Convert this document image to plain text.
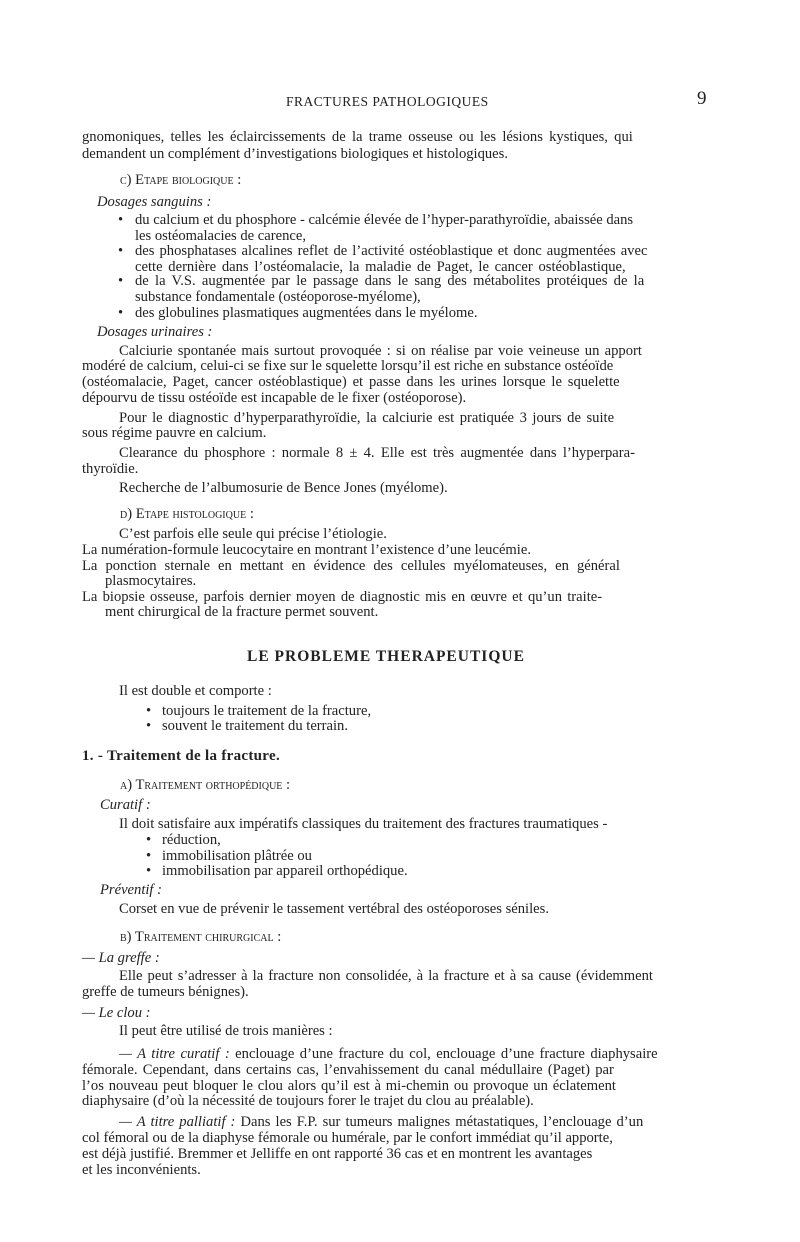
FRACTURES PATHOLOGIQUES	9
gnomoniques, telles les éclaircissements de la trame osseuse ou les lésions kystiques, qui
demandent un complément d’investigations biologiques et histologiques.
c) Etape biologique :
Dosages sanguins :
• du calcium et du phosphore - calcémie élevée de l’hyper-parathyroïdie, abaissée dans
les ostéomalacies de carence,
• des phosphatases alcalines reflet de l’activité ostéoblastique et donc augmentées avec
cette dernière dans l’ostéomalacie, la maladie de Paget, le cancer ostéoblastique,
• de la V.S. augmentée par le passage dans le sang des métabolites protéiques de la
substance fondamentale (ostéoporose-myélome),
• des globulines plasmatiques augmentées dans le myélome.
Dosages urinaires :
Calciurie spontanée mais surtout provoquée : si on réalise par voie veineuse un apport
modéré de calcium, celui-ci se fixe sur le squelette lorsqu’il est riche en substance ostéoïde
(ostéomalacie, Paget, cancer ostéoblastique) et passe dans les urines lorsque le squelette
dépourvu de tissu ostéoïde est incapable de le fixer (ostéoporose).
Pour le diagnostic d’hyperparathyroïdie, la calciurie est pratiquée 3 jours de suite
sous régime pauvre en calcium.
Clearance du phosphore : normale 8 ± 4. Elle est très augmentée dans l’hyperpara-
thyroïdie.
Recherche de l’albumosurie de Bence Jones (myélome).
d) Etape histologique :
C’est parfois elle seule qui précise l’étiologie.
La numération-formule leucocytaire en montrant l’existence d’une leucémie.
La ponction sternale en mettant en évidence des cellules myélomateuses, en général
plasmocytaires.
La biopsie osseuse, parfois dernier moyen de diagnostic mis en œuvre et qu’un traite-
ment chirurgical de la fracture permet souvent.
LE PROBLEME THERAPEUTIQUE
Il est double et comporte :
• toujours le traitement de la fracture,
• souvent le traitement du terrain.
1. - Traitement de la fracture.
a) Traitement orthopédique :
Curatif :
Il doit satisfaire aux impératifs classiques du traitement des fractures traumatiques -
• réduction,
• immobilisation plâtrée ou
• immobilisation par appareil orthopédique.
Préventif :
Corset en vue de prévenir le tassement vertébral des ostéoporoses séniles.
b) Traitement chirurgical :
— La greffe :
Elle peut s’adresser à la fracture non consolidée, à la fracture et à sa cause (évidemment
greffe de tumeurs bénignes).
— Le clou :
Il peut être utilisé de trois manières :
— A titre curatif : enclouage d’une fracture du col, enclouage d’une fracture diaphysaire
fémorale. Cependant, dans certains cas, l’envahissement du canal médullaire (Paget) par
l’os nouveau peut bloquer le clou alors qu’il est à mi-chemin ou provoque un éclatement
diaphysaire (d’où la nécessité de toujours forer le trajet du clou au préalable).
— A titre palliatif : Dans les F.P. sur tumeurs malignes métastatiques, l’enclouage d’un
col fémoral ou de la diaphyse fémorale ou humérale, par le confort immédiat qu’il apporte,
est déjà justifié. Bremmer et Jelliffe en ont rapporté 36 cas et en montrent les avantages
et les inconvénients.
